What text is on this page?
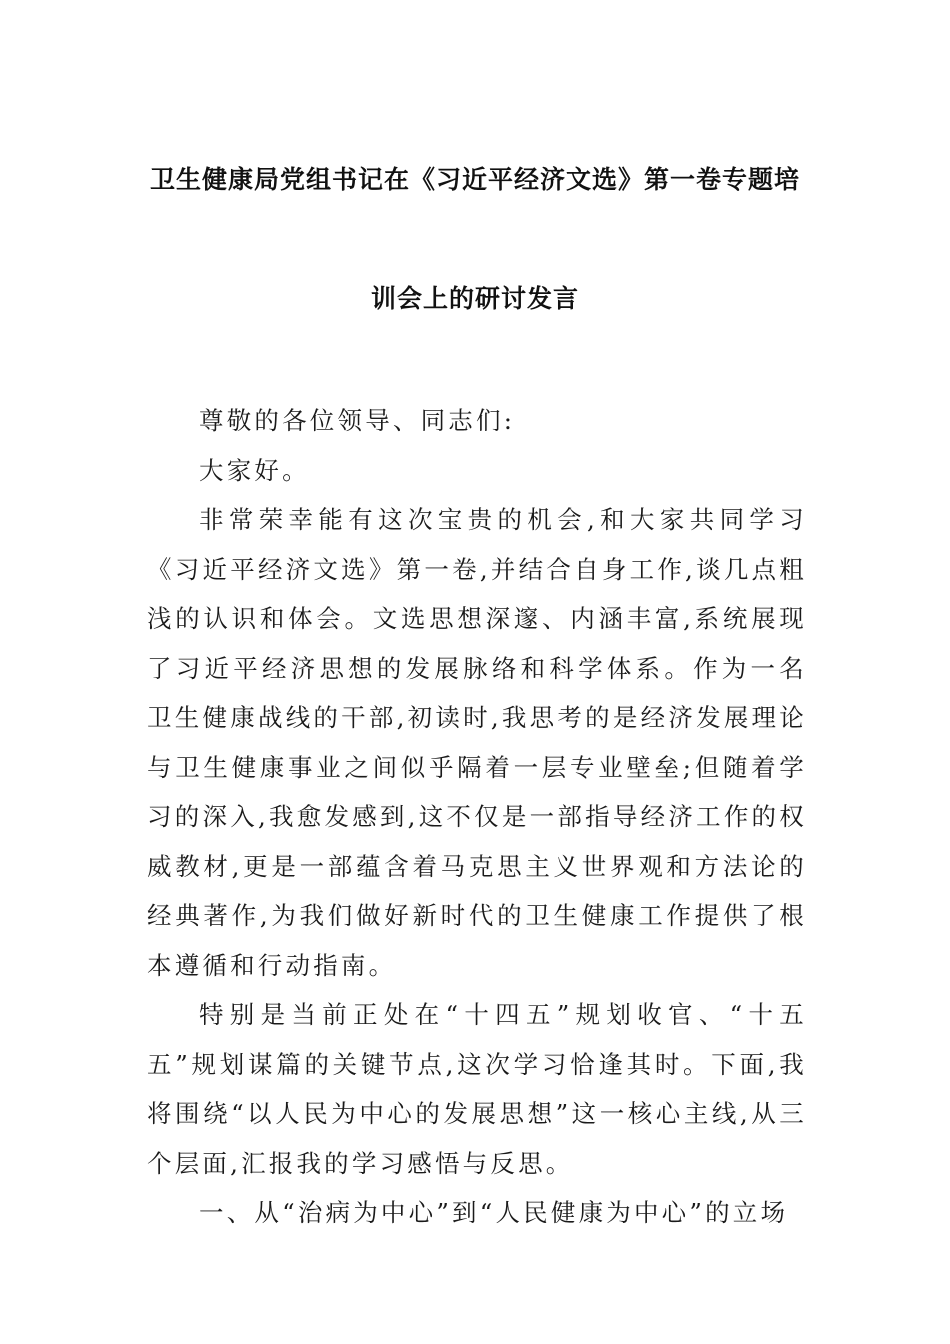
卫生健康局党组书记在《习近平经济文选》第一卷专题培
训会上的研讨发言

尊敬的各位领导、同志们:

大家好。

非常荣幸能有这次宝贵的机会,和大家共同学习《习近平经济文选》第一卷,并结合自身工作,谈几点粗浅的认识和体会。文选思想深邃、内涵丰富,系统展现了习近平经济思想的发展脉络和科学体系。作为一名卫生健康战线的干部,初读时,我思考的是经济发展理论与卫生健康事业之间似乎隔着一层专业壁垒;但随着学习的深入,我愈发感到,这不仅是一部指导经济工作的权威教材,更是一部蕴含着马克思主义世界观和方法论的经典著作,为我们做好新时代的卫生健康工作提供了根本遵循和行动指南。

特别是当前正处在“十四五”规划收官、“十五五”规划谋篇的关键节点,这次学习恰逢其时。下面,我将围绕“以人民为中心的发展思想”这一核心主线,从三个层面,汇报我的学习感悟与反思。

一、从“治病为中心”到“人民健康为中心”的立场
